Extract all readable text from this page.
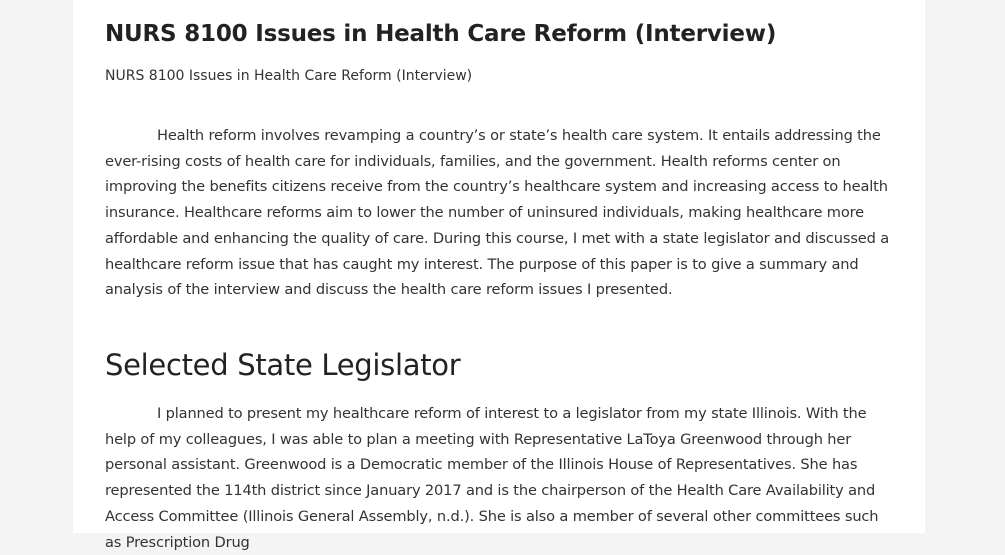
NURS 8100 Issues in Health Care Reform (Interview)
NURS 8100 Issues in Health Care Reform (Interview)

Health reform involves revamping a country’s or state’s health care system. It entails addressing the ever-rising costs of health care for individuals, families, and the government. Health reforms center on improving the benefits citizens receive from the country’s healthcare system and increasing access to health insurance. Healthcare reforms aim to lower the number of uninsured individuals, making healthcare more affordable and enhancing the quality of care. During this course, I met with a state legislator and discussed a healthcare reform issue that has caught my interest. The purpose of this paper is to give a summary and analysis of the interview and discuss the health care reform issues I presented.

Selected State Legislator

I planned to present my healthcare reform of interest to a legislator from my state Illinois. With the help of my colleagues, I was able to plan a meeting with Representative LaToya Greenwood through her personal assistant. Greenwood is a Democratic member of the Illinois House of Representatives. She has represented the 114th district since January 2017 and is the chairperson of the Health Care Availability and Access Committee (Illinois General Assembly, n.d.). She is also a member of several other committees such as Prescription Drug
